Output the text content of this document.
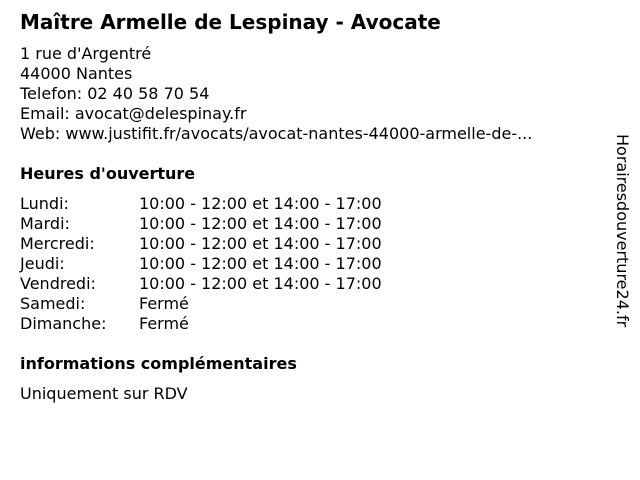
Maître Armelle de Lespinay - Avocate
1 rue d'Argentré
44000 Nantes
Telefon: 02 40 58 70 54
Email: avocat@delespinay.fr
Web: www.justifit.fr/avocats/avocat-nantes-44000-armelle-de-...
Heures d'ouverture
Lundi:	10:00 - 12:00 et 14:00 - 17:00
Mardi:	10:00 - 12:00 et 14:00 - 17:00
Mercredi:	10:00 - 12:00 et 14:00 - 17:00
Jeudi:	10:00 - 12:00 et 14:00 - 17:00
Vendredi:	10:00 - 12:00 et 14:00 - 17:00
Samedi:	Fermé
Dimanche:	Fermé
informations complémentaires
Uniquement sur RDV
Horairesdouverture24.fr
